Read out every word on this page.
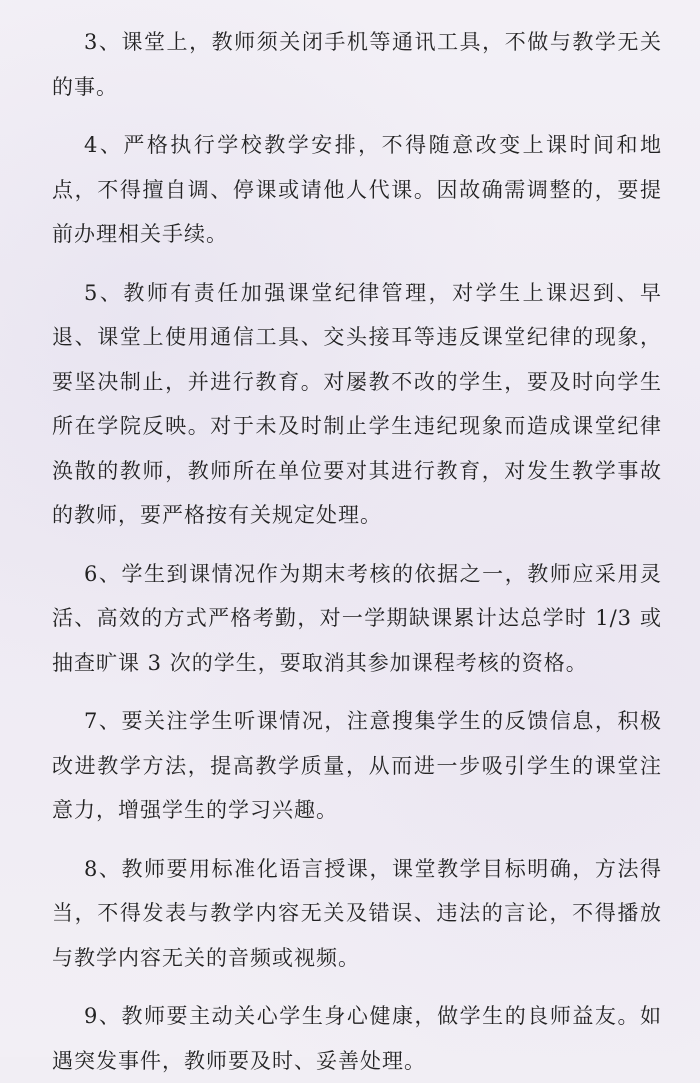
3、课堂上，教师须关闭手机等通讯工具，不做与教学无关的事。

4、严格执行学校教学安排，不得随意改变上课时间和地点，不得擅自调、停课或请他人代课。因故确需调整的，要提前办理相关手续。

5、教师有责任加强课堂纪律管理，对学生上课迟到、早退、课堂上使用通信工具、交头接耳等违反课堂纪律的现象，要坚决制止，并进行教育。对屡教不改的学生，要及时向学生所在学院反映。对于未及时制止学生违纪现象而造成课堂纪律涣散的教师，教师所在单位要对其进行教育，对发生教学事故的教师，要严格按有关规定处理。

6、学生到课情况作为期末考核的依据之一，教师应采用灵活、高效的方式严格考勤，对一学期缺课累计达总学时 1/3 或抽查旷课 3 次的学生，要取消其参加课程考核的资格。

7、要关注学生听课情况，注意搜集学生的反馈信息，积极改进教学方法，提高教学质量，从而进一步吸引学生的课堂注意力，增强学生的学习兴趣。

8、教师要用标准化语言授课，课堂教学目标明确，方法得当，不得发表与教学内容无关及错误、违法的言论，不得播放与教学内容无关的音频或视频。

9、教师要主动关心学生身心健康，做学生的良师益友。如遇突发事件，教师要及时、妥善处理。
